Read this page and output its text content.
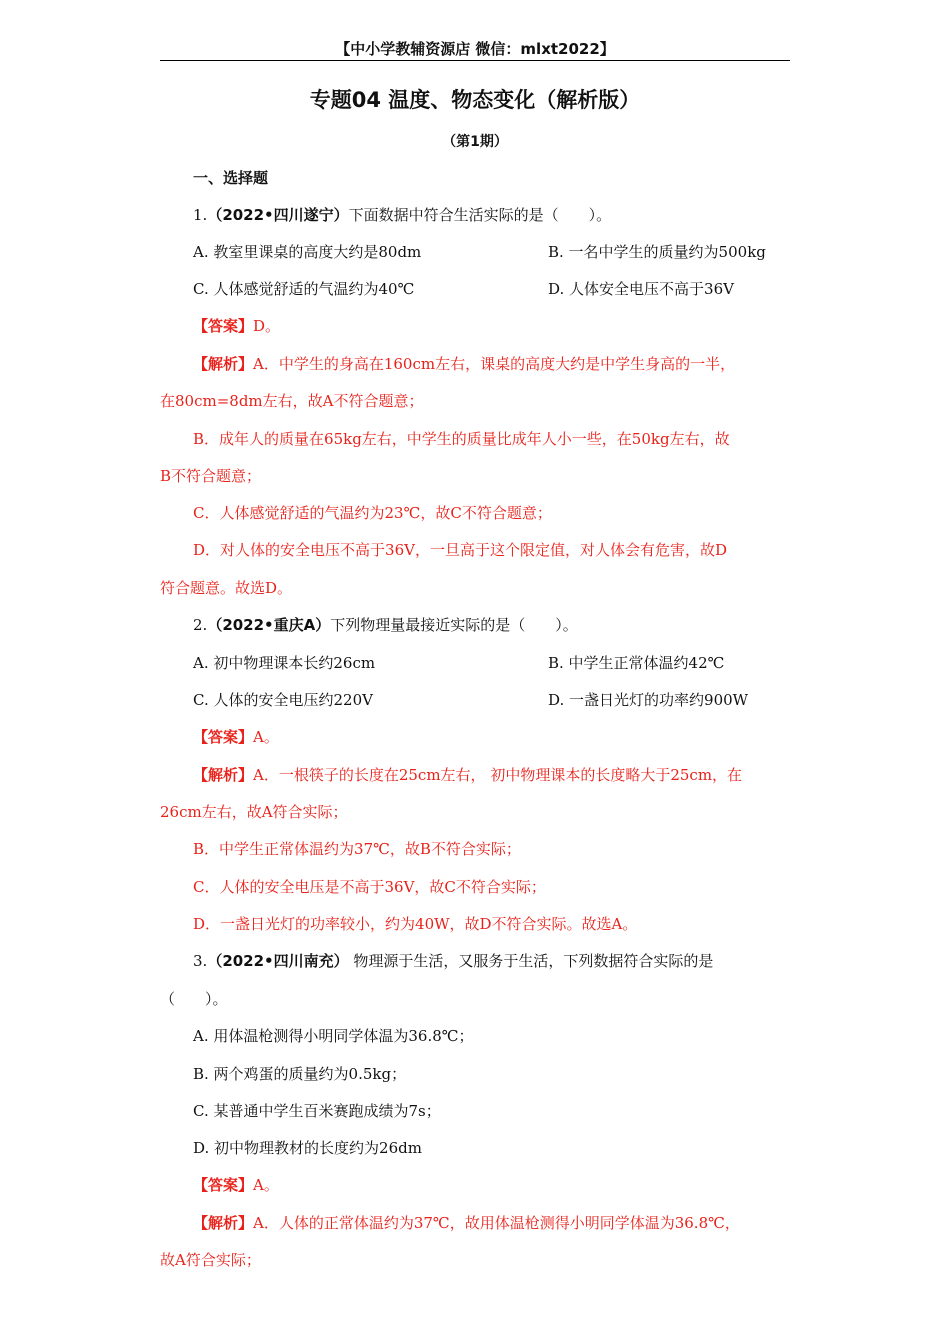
【中小学教辅资源店 微信：mlxt2022】
专题04 温度、物态变化（解析版）
（第1期）
一、选择题
1.（2022•四川遂宁）下面数据中符合生活实际的是（　　）。
A. 教室里课桌的高度大约是80dm	B. 一名中学生的质量约为500kg
C. 人体感觉舒适的气温约为40℃	D. 人体安全电压不高于36V
【答案】D。
【解析】A．中学生的身高在160cm左右，课桌的高度大约是中学生身高的一半，
在80cm=8dm左右，故A不符合题意；
B．成年人的质量在65kg左右，中学生的质量比成年人小一些，在50kg左右，故
B不符合题意；
C．人体感觉舒适的气温约为23℃，故C不符合题意；
D．对人体的安全电压不高于36V，一旦高于这个限定值，对人体会有危害，故D
符合题意。故选D。
2.（2022•重庆A）下列物理量最接近实际的是（　　）。
A. 初中物理课本长约26cm	B. 中学生正常体温约42℃
C. 人体的安全电压约220V	D. 一盏日光灯的功率约900W
【答案】A。
【解析】A．一根筷子的长度在25cm左右， 初中物理课本的长度略大于25cm，在
26cm左右，故A符合实际；
B．中学生正常体温约为37℃，故B不符合实际；
C．人体的安全电压是不高于36V，故C不符合实际；
D．一盏日光灯的功率较小，约为40W，故D不符合实际。故选A。
3.（2022•四川南充） 物理源于生活，又服务于生活，下列数据符合实际的是
（　　）。
A. 用体温枪测得小明同学体温为36.8℃；
B. 两个鸡蛋的质量约为0.5kg；
C. 某普通中学生百米赛跑成绩为7s；
D. 初中物理教材的长度约为26dm
【答案】A。
【解析】A．人体的正常体温约为37℃，故用体温枪测得小明同学体温为36.8℃，
故A符合实际；
